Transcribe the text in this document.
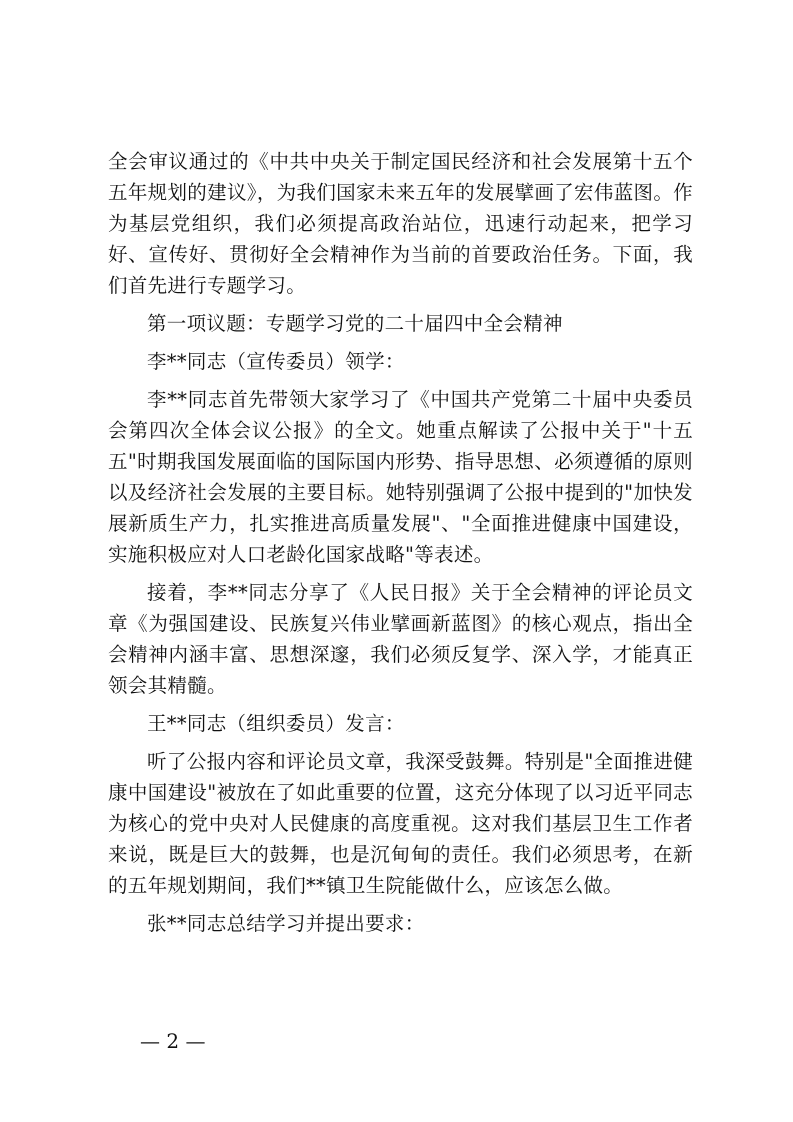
全会审议通过的《中共中央关于制定国民经济和社会发展第十五个五年规划的建议》，为我们国家未来五年的发展擘画了宏伟蓝图。作为基层党组织，我们必须提高政治站位，迅速行动起来，把学习好、宣传好、贯彻好全会精神作为当前的首要政治任务。下面，我们首先进行专题学习。

第一项议题：专题学习党的二十届四中全会精神

李**同志（宣传委员）领学：

李**同志首先带领大家学习了《中国共产党第二十届中央委员会第四次全体会议公报》的全文。她重点解读了公报中关于"十五五"时期我国发展面临的国际国内形势、指导思想、必须遵循的原则以及经济社会发展的主要目标。她特别强调了公报中提到的"加快发展新质生产力，扎实推进高质量发展"、"全面推进健康中国建设，实施积极应对人口老龄化国家战略"等表述。

接着，李**同志分享了《人民日报》关于全会精神的评论员文章《为强国建设、民族复兴伟业擘画新蓝图》的核心观点，指出全会精神内涵丰富、思想深邃，我们必须反复学、深入学，才能真正领会其精髓。

王**同志（组织委员）发言：

听了公报内容和评论员文章，我深受鼓舞。特别是"全面推进健康中国建设"被放在了如此重要的位置，这充分体现了以习近平同志为核心的党中央对人民健康的高度重视。这对我们基层卫生工作者来说，既是巨大的鼓舞，也是沉甸甸的责任。我们必须思考，在新的五年规划期间，我们**镇卫生院能做什么，应该怎么做。

张**同志总结学习并提出要求：

— 2 —
